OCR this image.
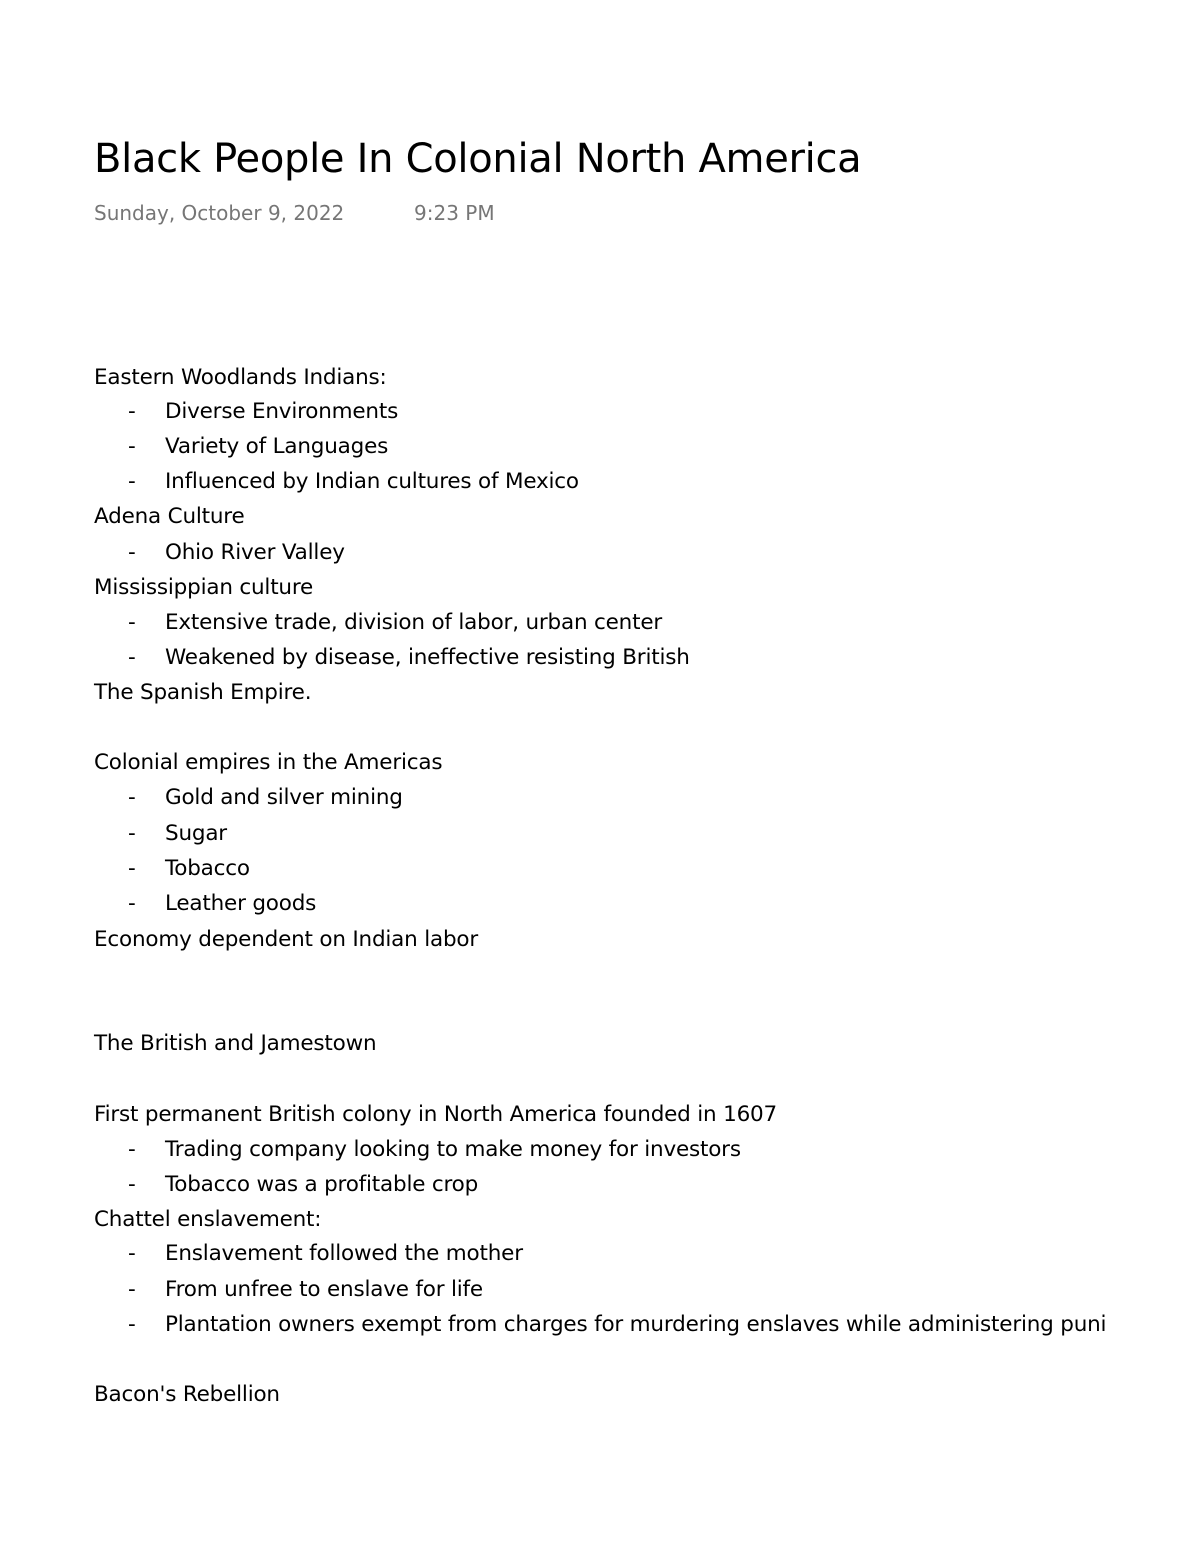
Black People In Colonial North America
Sunday, October 9, 2022	9:23 PM
Eastern Woodlands Indians:
- Diverse Environments
- Variety of Languages
- Influenced by Indian cultures of Mexico
Adena Culture
- Ohio River Valley
Mississippian culture
- Extensive trade, division of labor, urban center
- Weakened by disease, ineffective resisting British
The Spanish Empire.
Colonial empires in the Americas
- Gold and silver mining
- Sugar
- Tobacco
- Leather goods
Economy dependent on Indian labor
The British and Jamestown
First permanent British colony in North America founded in 1607
- Trading company looking to make money for investors
- Tobacco was a profitable crop
Chattel enslavement:
- Enslavement followed the mother
- From unfree to enslave for life
- Plantation owners exempt from charges for murdering enslaves while administering puni
Bacon's Rebellion
